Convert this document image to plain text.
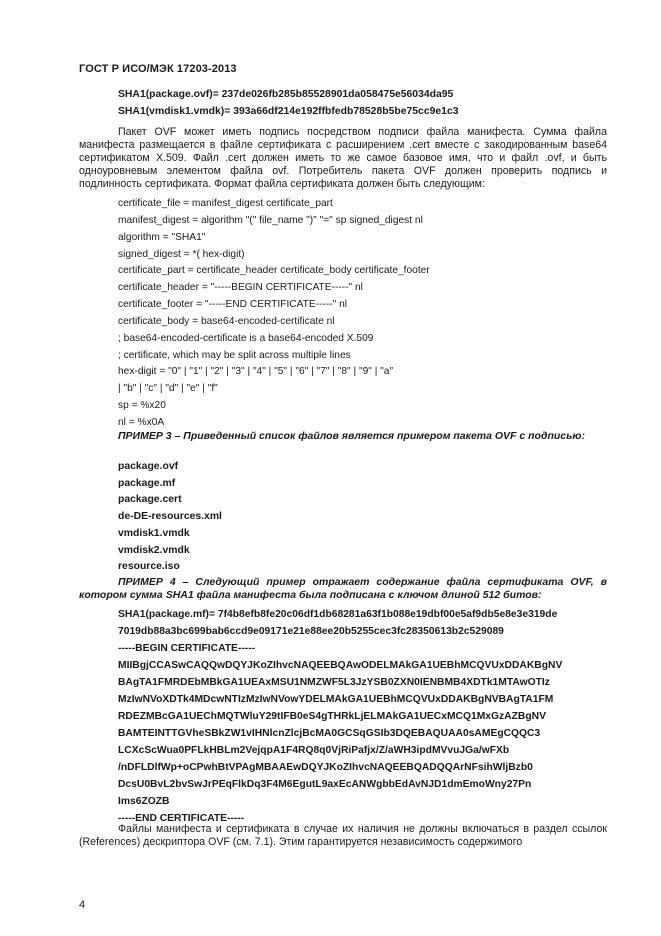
ГОСТ Р ИСО/МЭК 17203-2013
SHA1(package.ovf)= 237de026fb285b85528901da058475e56034da95
SHA1(vmdisk1.vmdk)= 393a66df214e192ffbfedb78528b5be75cc9e1c3

Пакет OVF может иметь подпись посредством подписи файла манифеста. Сумма файла манифеста размещается в файле сертификата с расширением .cert вместе с закодированным base64 сертификатом X.509. Файл .cert должен иметь то же самое базовое имя, что и файл .ovf, и быть одноуровневым элементом файла ovf. Потребитель пакета OVF должен проверить подпись и подлинность сертификата. Формат файла сертификата должен быть следующим:

certificate_file = manifest_digest certificate_part
manifest_digest = algorithm "(" file_name ")" "=" sp signed_digest nl
algorithm = "SHA1"
signed_digest = *( hex-digit)
certificate_part = certificate_header certificate_body certificate_footer
certificate_header = "-----BEGIN CERTIFICATE-----" nl
certificate_footer = "-----END CERTIFICATE-----" nl
certificate_body = base64-encoded-certificate nl
; base64-encoded-certificate is a base64-encoded X.509
; certificate, which may be split across multiple lines
hex-digit = "0" | "1" | "2" | "3" | "4" | "5" | "6" | "7" | "8" | "9" | "a"
| "b" | "c" | "d" | "e" | "f"
sp = %x20
nl = %x0A

ПРИМЕР 3 – Приведенный список файлов является примером пакета OVF с подписью:

package.ovf
package.mf
package.cert
de-DE-resources.xml
vmdisk1.vmdk
vmdisk2.vmdk
resource.iso

ПРИМЕР 4 – Следующий пример отражает содержание файла сертификата OVF, в котором сумма SHA1 файла манифеста была подписана с ключом длиной 512 битов:

SHA1(package.mf)= 7f4b8efb8fe20c06df1db68281a63f1b088e19dbf00e5af9db5e8e3e319de
7019db88a3bc699bab6ccd9e09171e21e88ee20b5255cec3fc28350613b2c529089
-----BEGIN CERTIFICATE-----
MIIBgjCCASwCAQQwDQYJKoZIhvcNAQEEBQAwODELMAkGA1UEBhMCQVUxDDAKBgNV
BAgTA1FMRDEbMBkGA1UEAxMSU1NMZWF5L3JzYSB0ZXN0IENBMB4XDTk1MTAwOTIz
MzIwNVoXDTk4MDcwNTIzMzIwNVowYDELMAkGA1UEBhMCQVUxDDAKBgNVBAgTA1FM
RDEZMBcGA1UEChMQTWluY29tIFB0eS4gTHRkLjELMAkGA1UECxMCQ1MxGzAZBgNV
BAMTEINTTGVheSBkZW1vIHNlcnZlcjBcMA0GCSqGSIb3DQEBAQUAA0sAMEgCQQC3
LCXcScWua0PFLkHBLm2VejqpA1F4RQ8q0VjRiPafjx/Z/aWH3ipdMVvuJGa/wFXb
/nDFLDlfWp+oCPwhBtVPAgMBAAEwDQYJKoZIhvcNAQEEBQADQQArNFsihWljBzb0
DcsU0BvL2bvSwJrPEqFlkDq3F4M6EgutL9axEcANWgbbEdAvNJD1dmEmoWny27Pn
Ims6ZOZB
-----END CERTIFICATE-----

Файлы манифеста и сертификата в случае их наличия не должны включаться в раздел ссылок (References) дескриптора OVF (см. 7.1). Этим гарантируется независимость содержимого

4
